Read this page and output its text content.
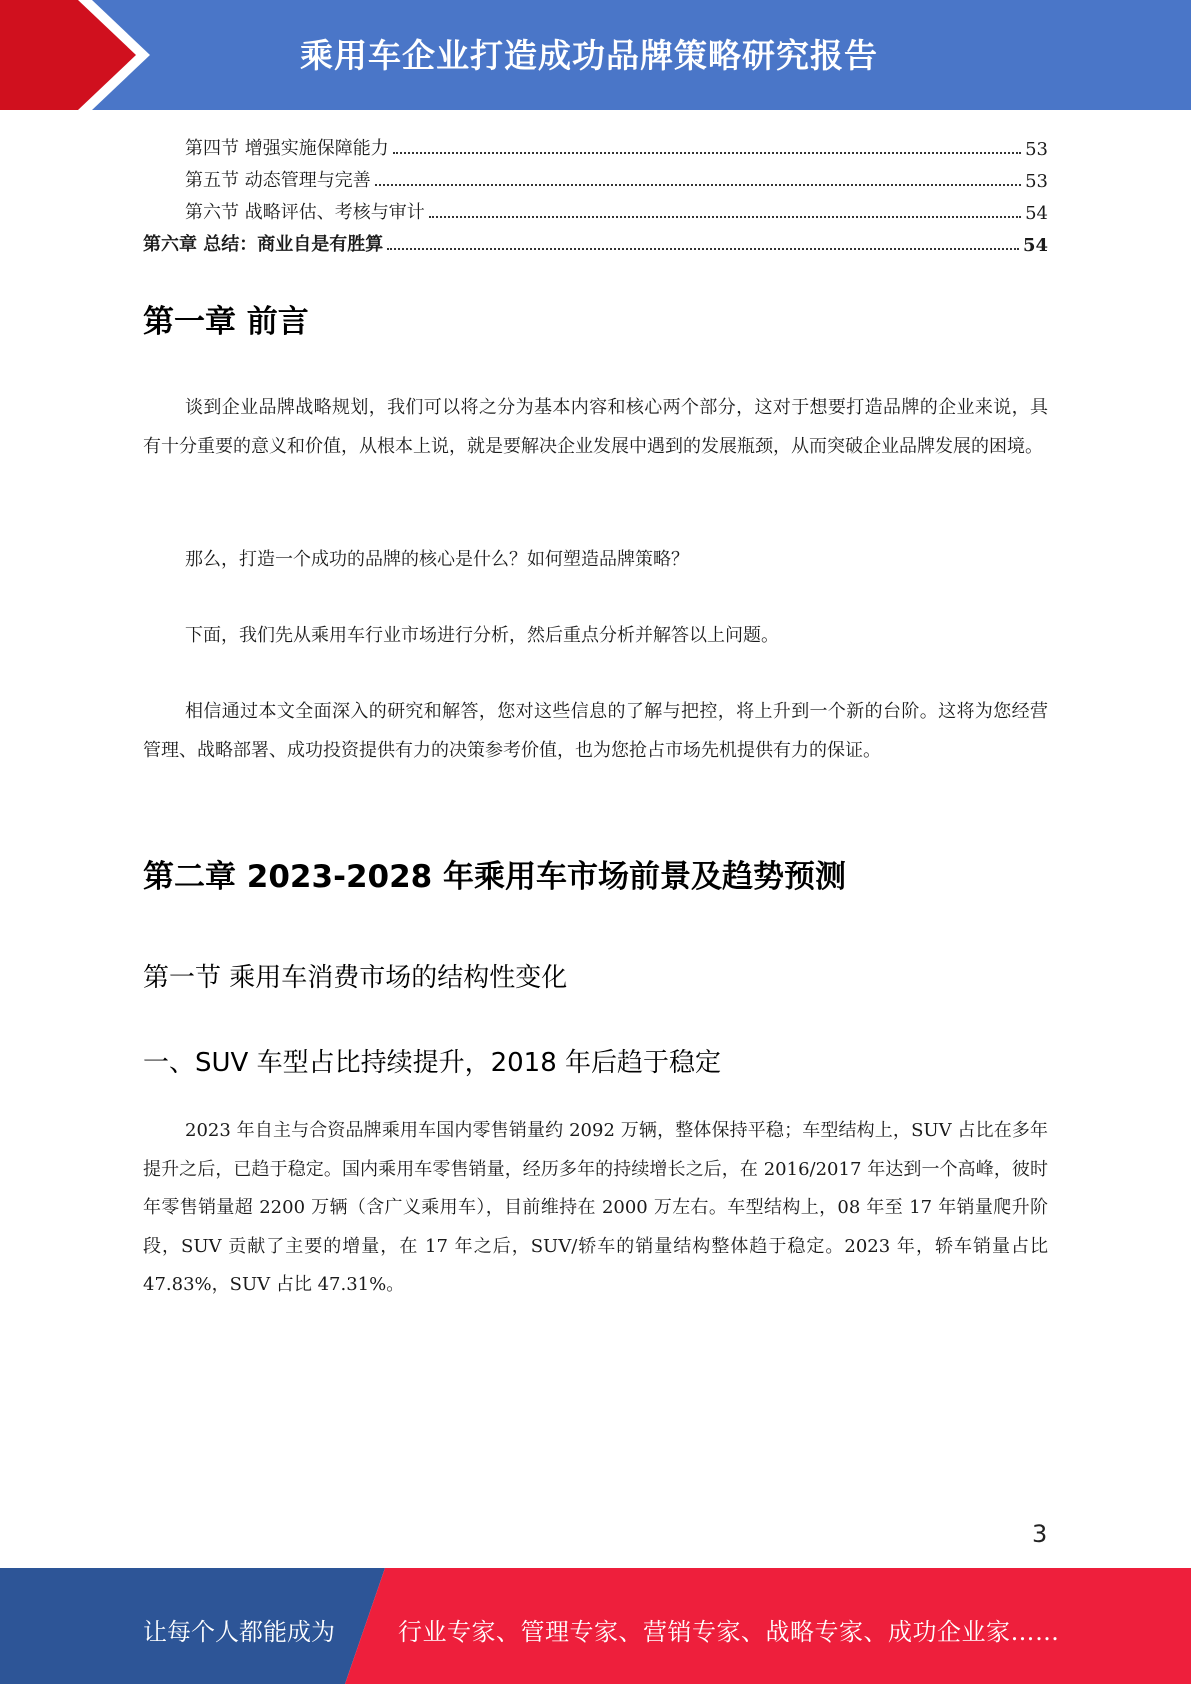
乘用车企业打造成功品牌策略研究报告
第四节 增强实施保障能力	53
第五节 动态管理与完善	53
第六节 战略评估、考核与审计	54
第六章 总结：商业自是有胜算	54
第一章 前言

谈到企业品牌战略规划，我们可以将之分为基本内容和核心两个部分，这对于想要打造品牌的企业来说，具有十分重要的意义和价值，从根本上说，就是要解决企业发展中遇到的发展瓶颈，从而突破企业品牌发展的困境。

那么，打造一个成功的品牌的核心是什么？如何塑造品牌策略？

下面，我们先从乘用车行业市场进行分析，然后重点分析并解答以上问题。

相信通过本文全面深入的研究和解答，您对这些信息的了解与把控，将上升到一个新的台阶。这将为您经营管理、战略部署、成功投资提供有力的决策参考价值，也为您抢占市场先机提供有力的保证。

第二章 2023-2028 年乘用车市场前景及趋势预测
第一节 乘用车消费市场的结构性变化
一、SUV 车型占比持续提升，2018 年后趋于稳定

2023 年自主与合资品牌乘用车国内零售销量约 2092 万辆，整体保持平稳；车型结构上，SUV 占比在多年提升之后，已趋于稳定。国内乘用车零售销量，经历多年的持续增长之后，在 2016/2017 年达到一个高峰，彼时年零售销量超 2200 万辆（含广义乘用车），目前维持在 2000 万左右。车型结构上，08 年至 17 年销量爬升阶段，SUV 贡献了主要的增量，在 17 年之后，SUV/轿车的销量结构整体趋于稳定。2023 年，轿车销量占比 47.83%，SUV 占比 47.31%。

3
让每个人都能成为	行业专家、管理专家、营销专家、战略专家、成功企业家……
